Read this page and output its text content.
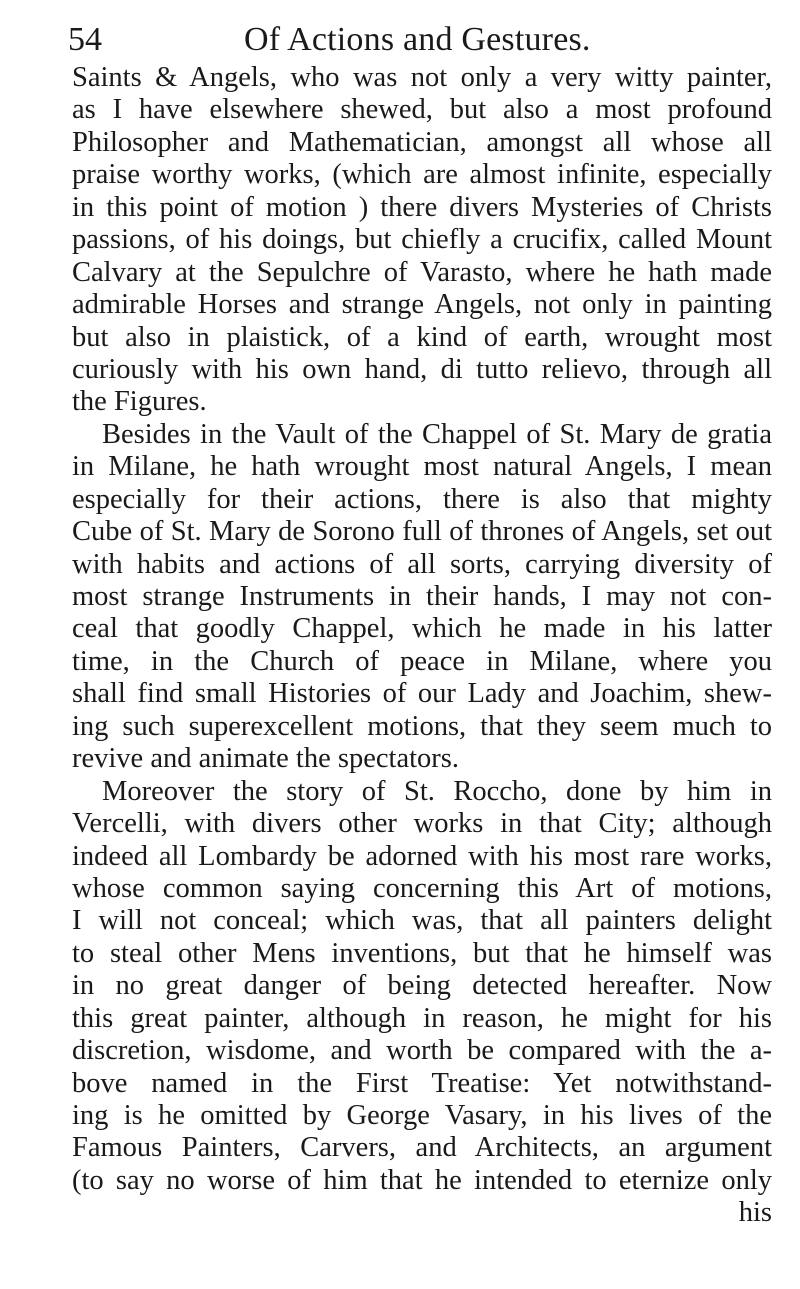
54	Of Actions and Gestures.
Saints & Angels, who was not only a very witty painter,
as I have elsewhere shewed, but also a most profound
Philosopher and Mathematician, amongst all whose all
praise worthy works, (which are almost infinite, especially
in this point of motion ) there divers Mysteries of Christs
passions, of his doings, but chiefly a crucifix, called Mount
Calvary at the Sepulchre of Varasto, where he hath made
admirable Horses and strange Angels, not only in painting
but also in plaistick, of a kind of earth, wrought most
curiously with his own hand, di tutto relievo, through all
the Figures.
Besides in the Vault of the Chappel of St. Mary de gratia
in Milane, he hath wrought most natural Angels, I mean
especially for their actions, there is also that mighty
Cube of St. Mary de Sorono full of thrones of Angels, set out
with habits and actions of all sorts, carrying diversity of
most strange Instruments in their hands, I may not con-
ceal that goodly Chappel, which he made in his latter
time, in the Church of peace in Milane, where you
shall find small Histories of our Lady and Joachim, shew-
ing such superexcellent motions, that they seem much to
revive and animate the spectators.
Moreover the story of St. Roccho, done by him in
Vercelli, with divers other works in that City; although
indeed all Lombardy be adorned with his most rare works,
whose common saying concerning this Art of motions,
I will not conceal; which was, that all painters delight
to steal other Mens inventions, but that he himself was
in no great danger of being detected hereafter. Now
this great painter, although in reason, he might for his
discretion, wisdome, and worth be compared with the a-
bove named in the First Treatise: Yet notwithstand-
ing is he omitted by George Vasary, in his lives of the
Famous Painters, Carvers, and Architects, an argument
(to say no worse of him that he intended to eternize only
his
